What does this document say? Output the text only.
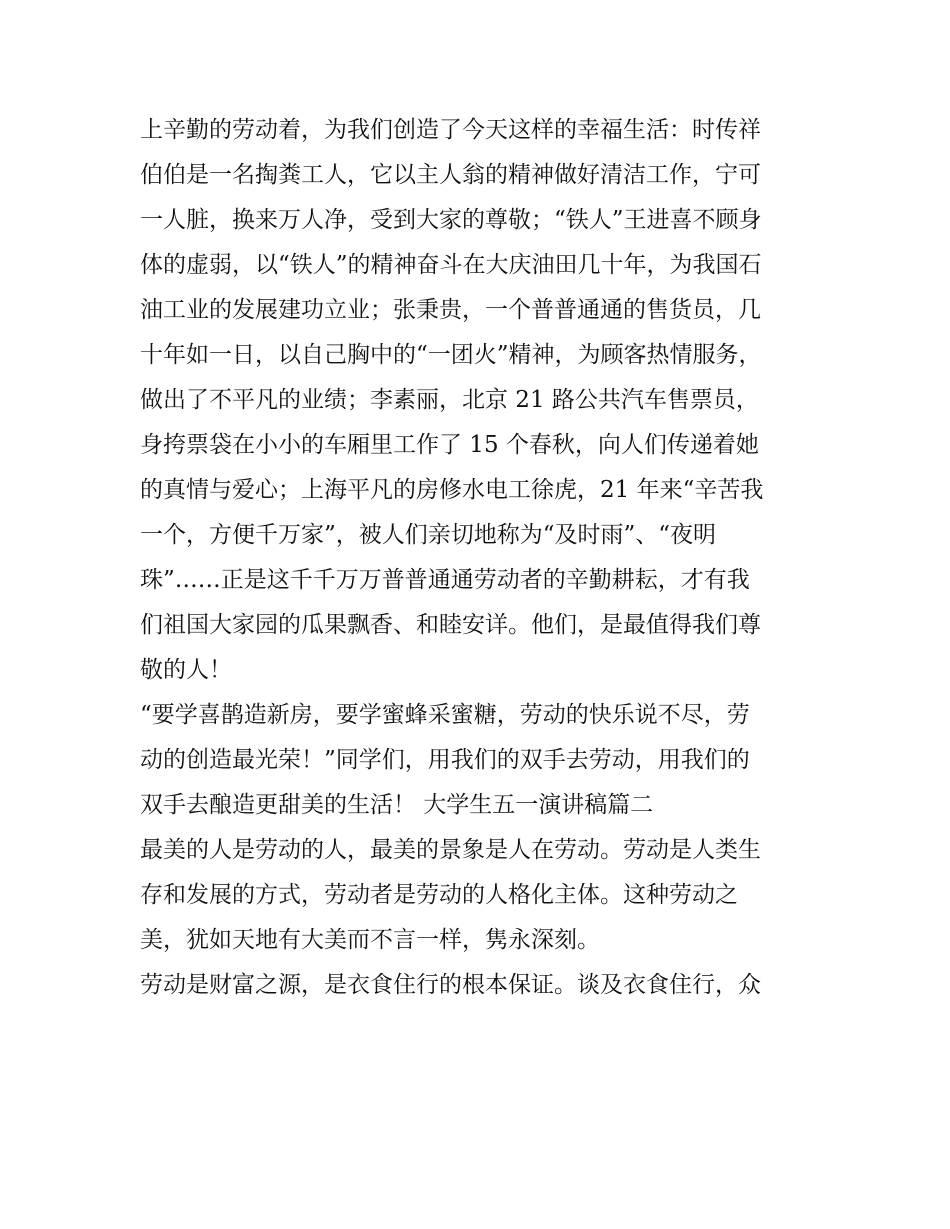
上辛勤的劳动着，为我们创造了今天这样的幸福生活：时传祥
伯伯是一名掏粪工人，它以主人翁的精神做好清洁工作，宁可
一人脏，换来万人净，受到大家的尊敬；“铁人”王进喜不顾身
体的虚弱，以“铁人”的精神奋斗在大庆油田几十年，为我国石
油工业的发展建功立业；张秉贵，一个普普通通的售货员，几
十年如一日，以自己胸中的“一团火”精神，为顾客热情服务，
做出了不平凡的业绩；李素丽，北京 21 路公共汽车售票员，
身挎票袋在小小的车厢里工作了 15 个春秋，向人们传递着她
的真情与爱心；上海平凡的房修水电工徐虎，21 年来“辛苦我
一个，方便千万家”，被人们亲切地称为“及时雨”、“夜明
珠”……正是这千千万万普普通通劳动者的辛勤耕耘，才有我
们祖国大家园的瓜果飘香、和睦安详。他们，是最值得我们尊
敬的人！
“要学喜鹊造新房，要学蜜蜂采蜜糖，劳动的快乐说不尽，劳
动的创造最光荣！”同学们，用我们的双手去劳动，用我们的
双手去酿造更甜美的生活！ 大学生五一演讲稿篇二
最美的人是劳动的人，最美的景象是人在劳动。劳动是人类生
存和发展的方式，劳动者是劳动的人格化主体。这种劳动之
美，犹如天地有大美而不言一样，隽永深刻。
劳动是财富之源，是衣食住行的根本保证。谈及衣食住行，众
